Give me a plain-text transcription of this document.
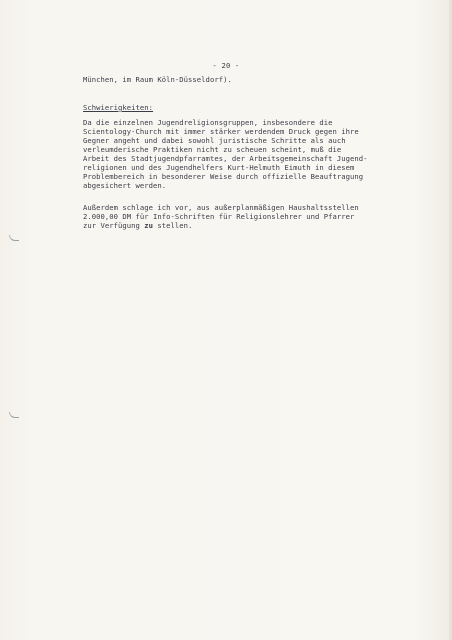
- 20 -
München, im Raum Köln-Düsseldorf).
Schwierigkeiten:
Da die einzelnen Jugendreligionsgruppen, insbesondere die
Scientology-Church mit immer stärker werdendem Druck gegen ihre
Gegner angeht und dabei sowohl juristische Schritte als auch
verleumderische Praktiken nicht zu scheuen scheint, muß die
Arbeit des Stadtjugendpfarramtes, der Arbeitsgemeinschaft Jugend-
religionen und des Jugendhelfers Kurt-Helmuth Eimuth in diesem
Problembereich in besonderer Weise durch offizielle Beauftragung
abgesichert werden.
Außerdem schlage ich vor, aus außerplanmäßigen Haushaltsstellen
2.000,00 DM für Info-Schriften für Religionslehrer und Pfarrer
zur Verfügung zu stellen.
